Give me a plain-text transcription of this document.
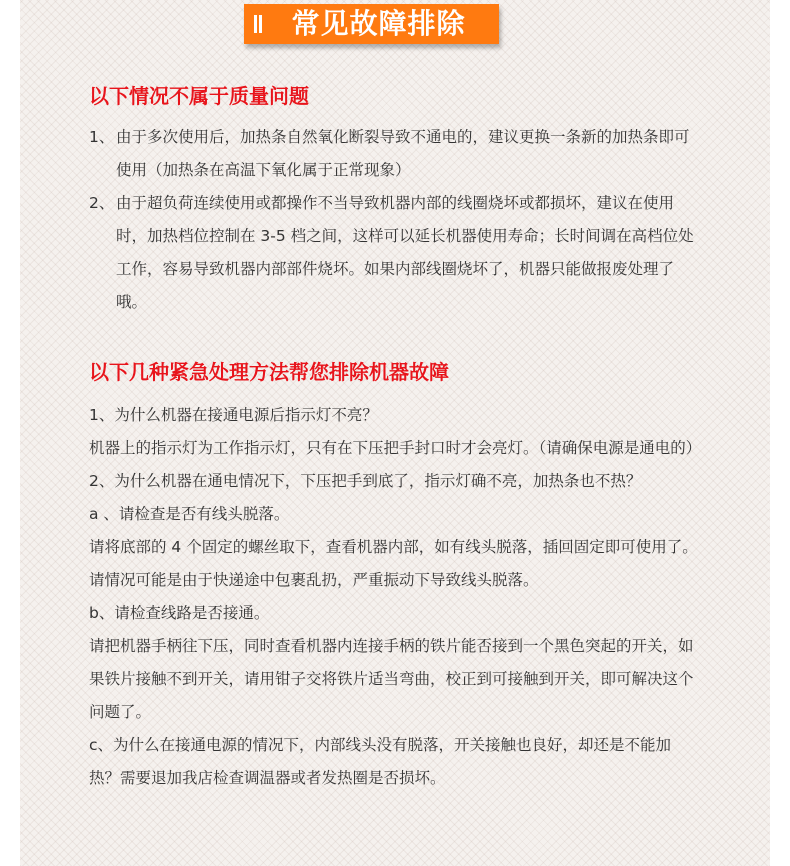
常见故障排除
以下情况不属于质量问题
1、 由于多次使用后，加热条自然氧化断裂导致不通电的，建议更换一条新的加热条即可使用（加热条在高温下氧化属于正常现象）
2、 由于超负荷连续使用或都操作不当导致机器内部的线圈烧坏或都损坏，建议在使用时，加热档位控制在 3-5 档之间，这样可以延长机器使用寿命；长时间调在高档位处工作，容易导致机器内部部件烧坏。如果内部线圈烧坏了，机器只能做报废处理了哦。
以下几种紧急处理方法帮您排除机器故障

1、为什么机器在接通电源后指示灯不亮？

机器上的指示灯为工作指示灯，只有在下压把手封口时才会亮灯。（请确保电源是通电的）

2、为什么机器在通电情况下，下压把手到底了，指示灯确不亮，加热条也不热？

a 、请检查是否有线头脱落。

请将底部的 4 个固定的螺丝取下，查看机器内部，如有线头脱落，插回固定即可使用了。请情况可能是由于快递途中包裹乱扔，严重振动下导致线头脱落。

b、请检查线路是否接通。

请把机器手柄往下压，同时查看机器内连接手柄的铁片能否接到一个黑色突起的开关，如果铁片接触不到开关，请用钳子交将铁片适当弯曲，校正到可接触到开关，即可解决这个问题了。

c、为什么在接通电源的情况下，内部线头没有脱落，开关接触也良好，却还是不能加热？需要退加我店检查调温器或者发热圈是否损坏。
